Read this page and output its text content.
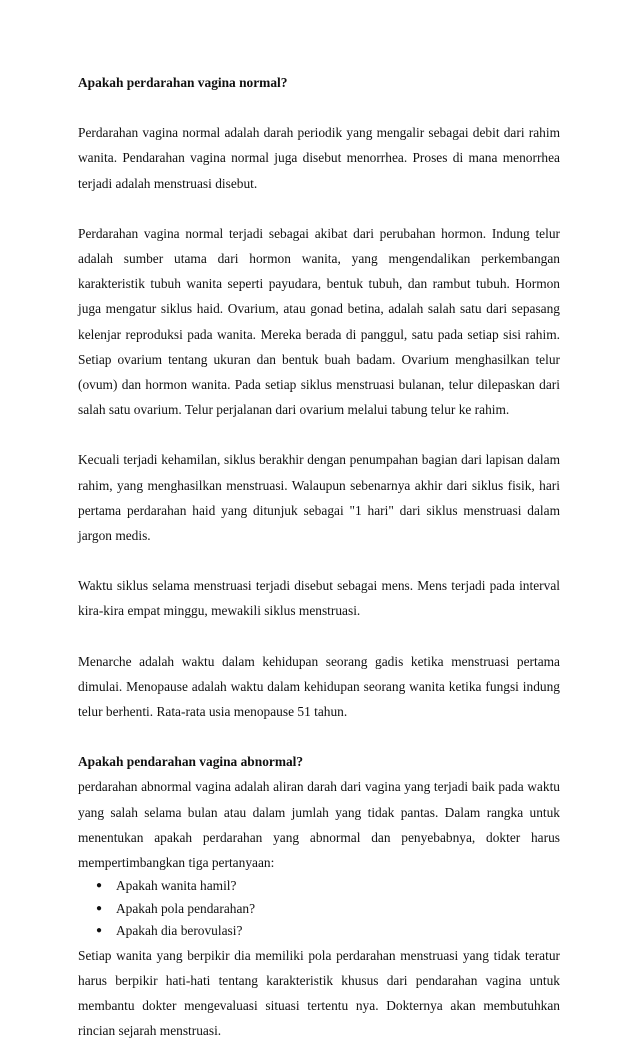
Apakah perdarahan vagina normal?

Perdarahan vagina normal adalah darah periodik yang mengalir sebagai debit dari rahim wanita. Pendarahan vagina normal juga disebut menorrhea. Proses di mana menorrhea terjadi adalah menstruasi disebut.

Perdarahan vagina normal terjadi sebagai akibat dari perubahan hormon. Indung telur adalah sumber utama dari hormon wanita, yang mengendalikan perkembangan karakteristik tubuh wanita seperti payudara, bentuk tubuh, dan rambut tubuh. Hormon juga mengatur siklus haid. Ovarium, atau gonad betina, adalah salah satu dari sepasang kelenjar reproduksi pada wanita. Mereka berada di panggul, satu pada setiap sisi rahim. Setiap ovarium tentang ukuran dan bentuk buah badam. Ovarium menghasilkan telur (ovum) dan hormon wanita. Pada setiap siklus menstruasi bulanan, telur dilepaskan dari salah satu ovarium. Telur perjalanan dari ovarium melalui tabung telur ke rahim.

Kecuali terjadi kehamilan, siklus berakhir dengan penumpahan bagian dari lapisan dalam rahim, yang menghasilkan menstruasi. Walaupun sebenarnya akhir dari siklus fisik, hari pertama perdarahan haid yang ditunjuk sebagai "1 hari" dari siklus menstruasi dalam jargon medis.

Waktu siklus selama menstruasi terjadi disebut sebagai mens. Mens terjadi pada interval kira-kira empat minggu, mewakili siklus menstruasi.

Menarche adalah waktu dalam kehidupan seorang gadis ketika menstruasi pertama dimulai. Menopause adalah waktu dalam kehidupan seorang wanita ketika fungsi indung telur berhenti. Rata-rata usia menopause 51 tahun.

Apakah pendarahan vagina abnormal?

perdarahan abnormal vagina adalah aliran darah dari vagina yang terjadi baik pada waktu yang salah selama bulan atau dalam jumlah yang tidak pantas. Dalam rangka untuk menentukan apakah perdarahan yang abnormal dan penyebabnya, dokter harus mempertimbangkan tiga pertanyaan:

● Apakah wanita hamil?
● Apakah pola pendarahan?
● Apakah dia berovulasi?

Setiap wanita yang berpikir dia memiliki pola perdarahan menstruasi yang tidak teratur harus berpikir hati-hati tentang karakteristik khusus dari pendarahan vagina untuk membantu dokter mengevaluasi situasi tertentu nya. Dokternya akan membutuhkan rincian sejarah menstruasi.
